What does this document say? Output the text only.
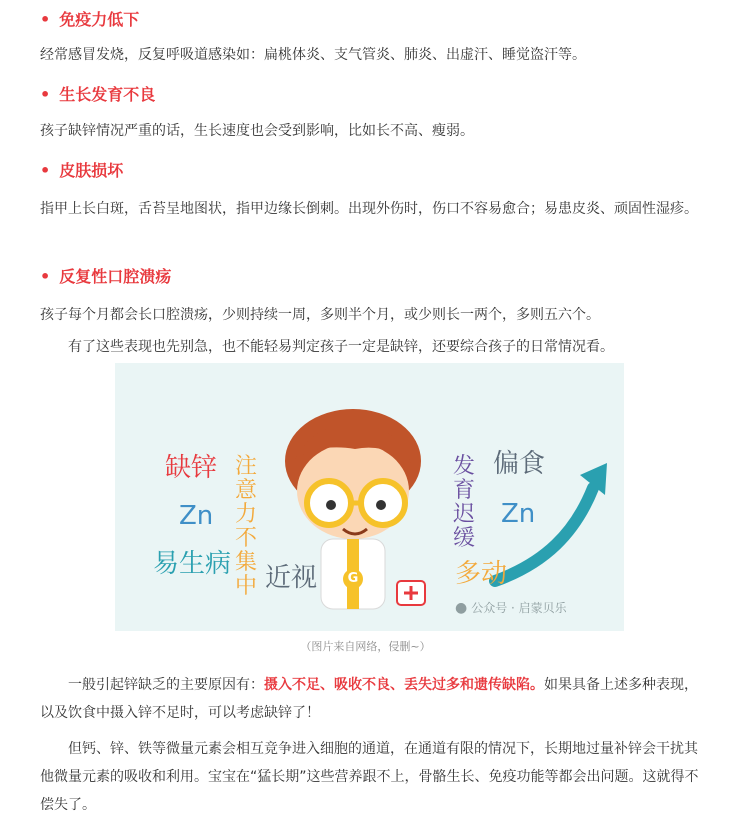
• 免疫力低下
经常感冒发烧，反复呼吸道感染如：扁桃体炎、支气管炎、肺炎、出虚汗、睡觉盗汗等。
• 生长发育不良
孩子缺锌情况严重的话，生长速度也会受到影响，比如长不高、瘦弱。
• 皮肤损坏
指甲上长白斑，舌苔呈地图状，指甲边缘长倒刺。出现外伤时，伤口不容易愈合；易患皮炎、顽固性湿疹。
• 反复性口腔溃疡
孩子每个月都会长口腔溃疡，少则持续一周，多则半个月，或少则长一两个，多则五六个。
有了这些表现也先别急，也不能轻易判定孩子一定是缺锌，还要综合孩子的日常情况看。
缺锌
Zn
易生病
注意力不集中 近视
发育迟缓
偏食
Zn
多动
G
● 公众号 · 启蒙贝乐
（图片来自网络，侵删~）
一般引起锌缺乏的主要原因有：摄入不足、吸收不良、丢失过多和遗传缺陷。如果具备上述多种表现，以及饮食中摄入锌不足时，可以考虑缺锌了！
但钙、锌、铁等微量元素会相互竞争进入细胞的通道，在通道有限的情况下，长期地过量补锌会干扰其他微量元素的吸收和利用。宝宝在“猛长期”这些营养跟不上，骨骼生长、免疫功能等都会出问题。这就得不偿失了。
